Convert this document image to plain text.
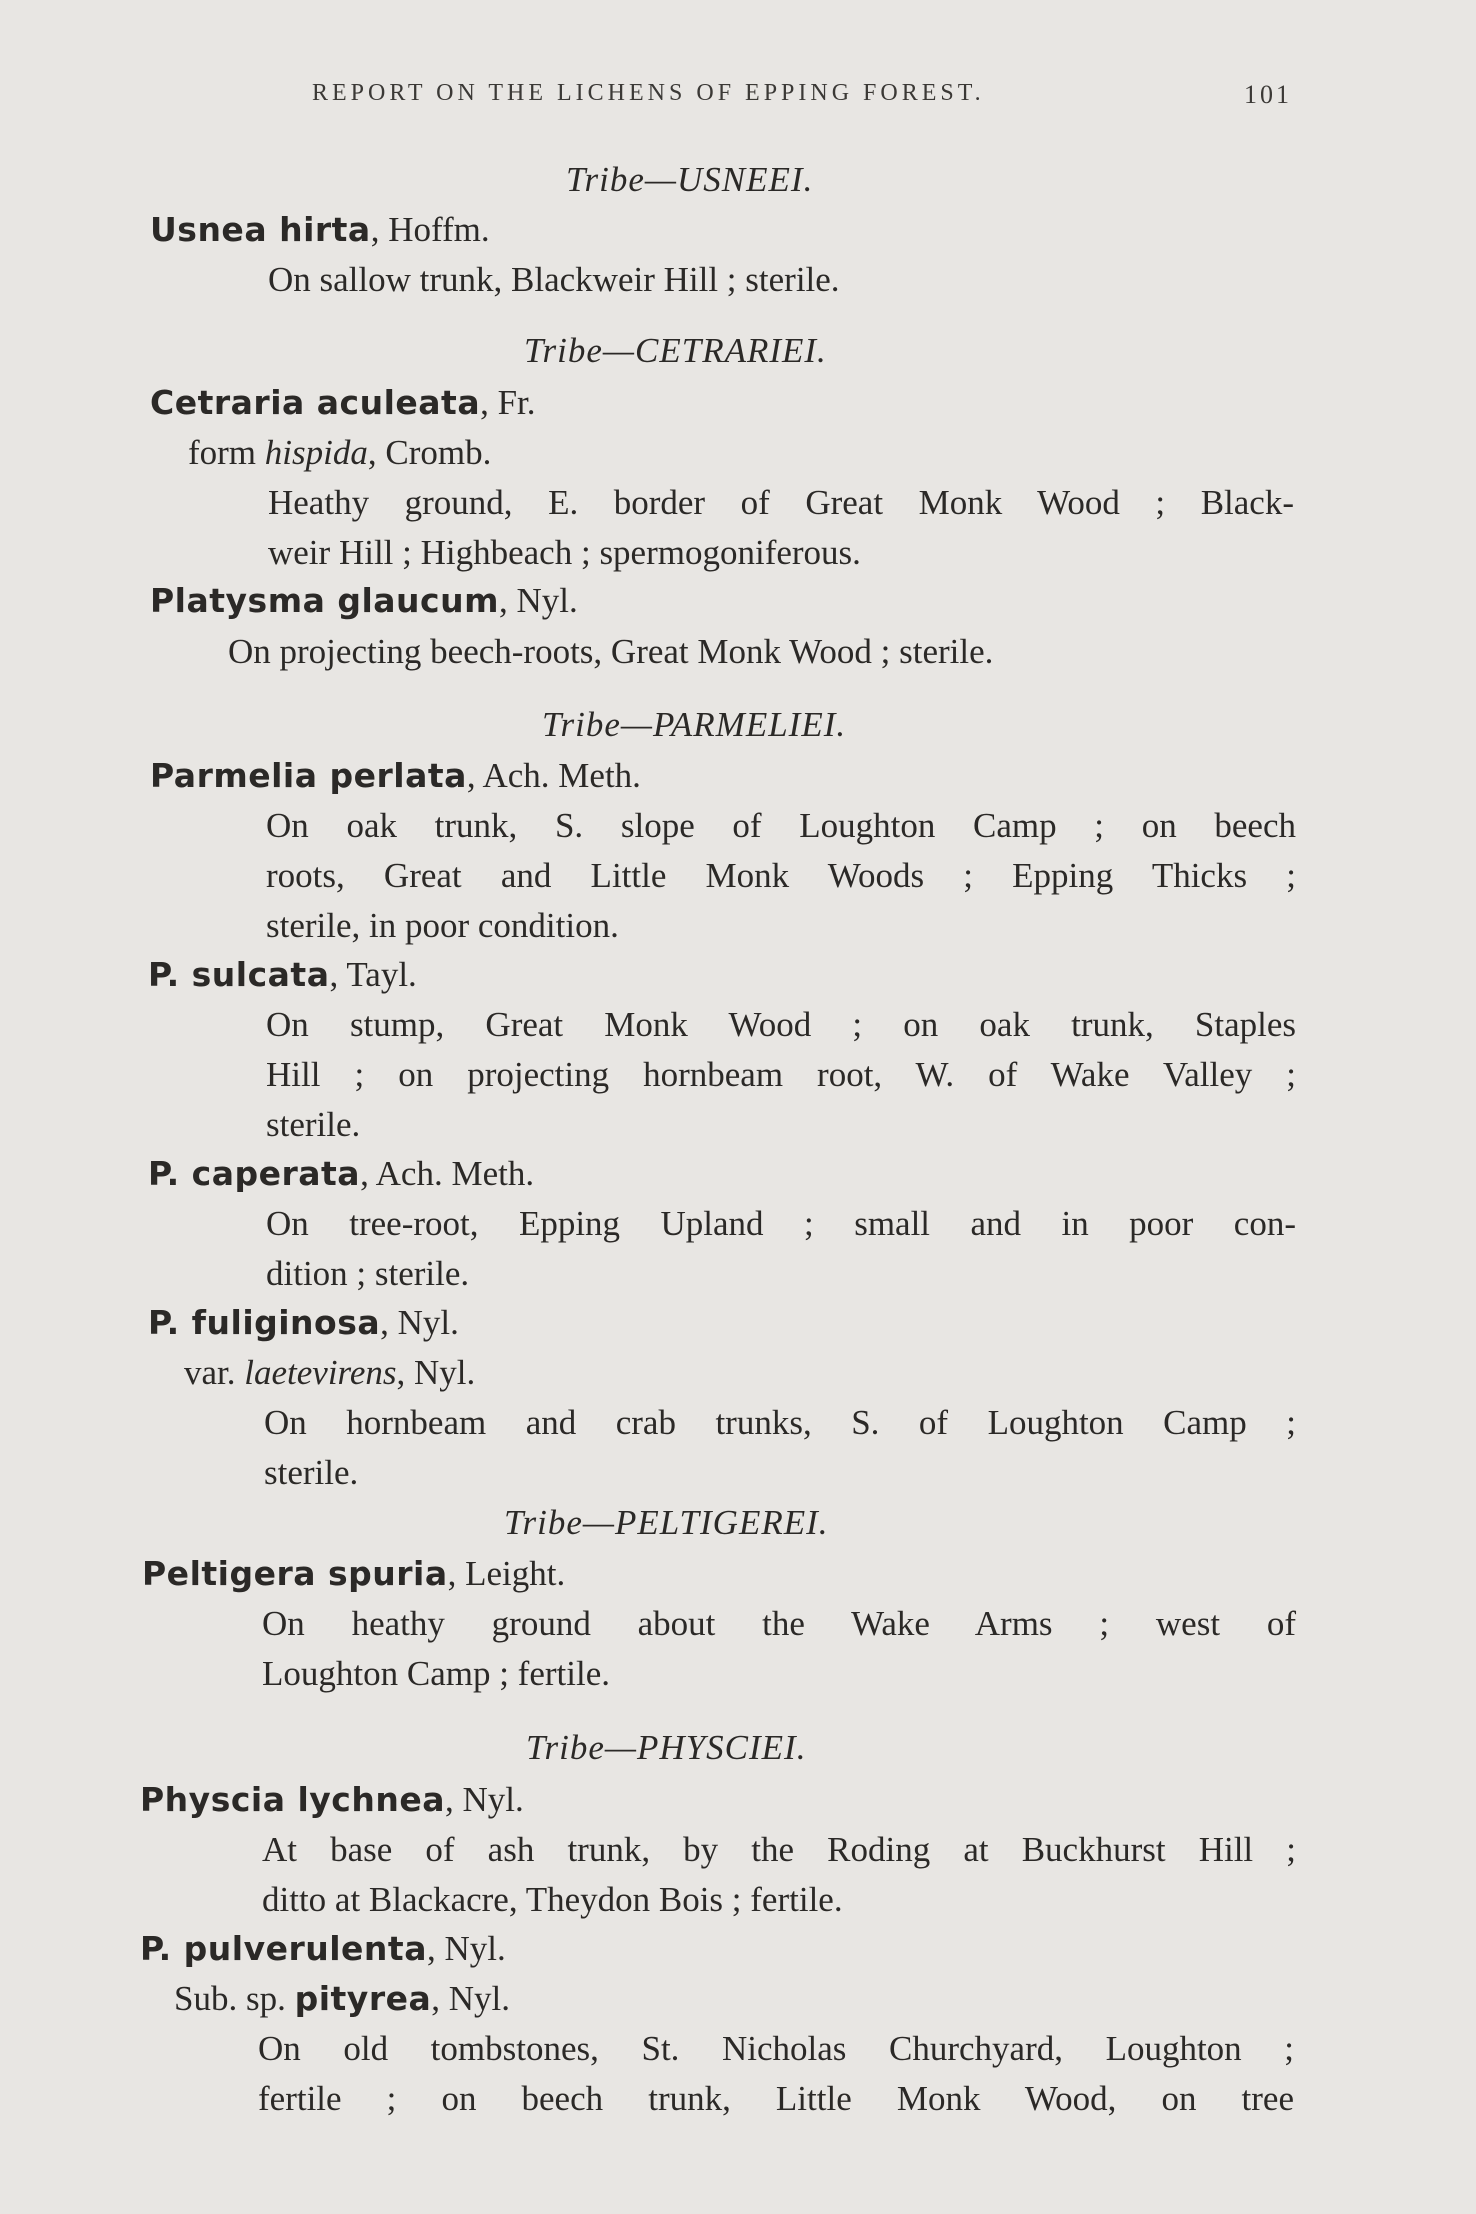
REPORT ON THE LICHENS OF EPPING FOREST.	101
Tribe—USNEEI.
Usnea hirta, Hoffm.
On sallow trunk, Blackweir Hill ; sterile.
Tribe—CETRARIEI.
Cetraria aculeata, Fr.
form hispida, Cromb.
Heathy ground, E. border of Great Monk Wood ; Black-
weir Hill ; Highbeach ; spermogoniferous.
Platysma glaucum, Nyl.
On projecting beech-roots, Great Monk Wood ; sterile.
Tribe—PARMELIEI.
Parmelia perlata, Ach. Meth.
On oak trunk, S. slope of Loughton Camp ; on beech
roots, Great and Little Monk Woods ; Epping Thicks ;
sterile, in poor condition.
P. sulcata, Tayl.
On stump, Great Monk Wood ; on oak trunk, Staples
Hill ; on projecting hornbeam root, W. of Wake Valley ;
sterile.
P. caperata, Ach. Meth.
On tree-root, Epping Upland ; small and in poor con-
dition ; sterile.
P. fuliginosa, Nyl.
var. laetevirens, Nyl.
On hornbeam and crab trunks, S. of Loughton Camp ;
sterile.
Tribe—PELTIGEREI.
Peltigera spuria, Leight.
On heathy ground about the Wake Arms ; west of
Loughton Camp ; fertile.
Tribe—PHYSCIEI.
Physcia lychnea, Nyl.
At base of ash trunk, by the Roding at Buckhurst Hill ;
ditto at Blackacre, Theydon Bois ; fertile.
P. pulverulenta, Nyl.
Sub. sp. pityrea, Nyl.
On old tombstones, St. Nicholas Churchyard, Loughton ;
fertile ; on beech trunk, Little Monk Wood, on tree
